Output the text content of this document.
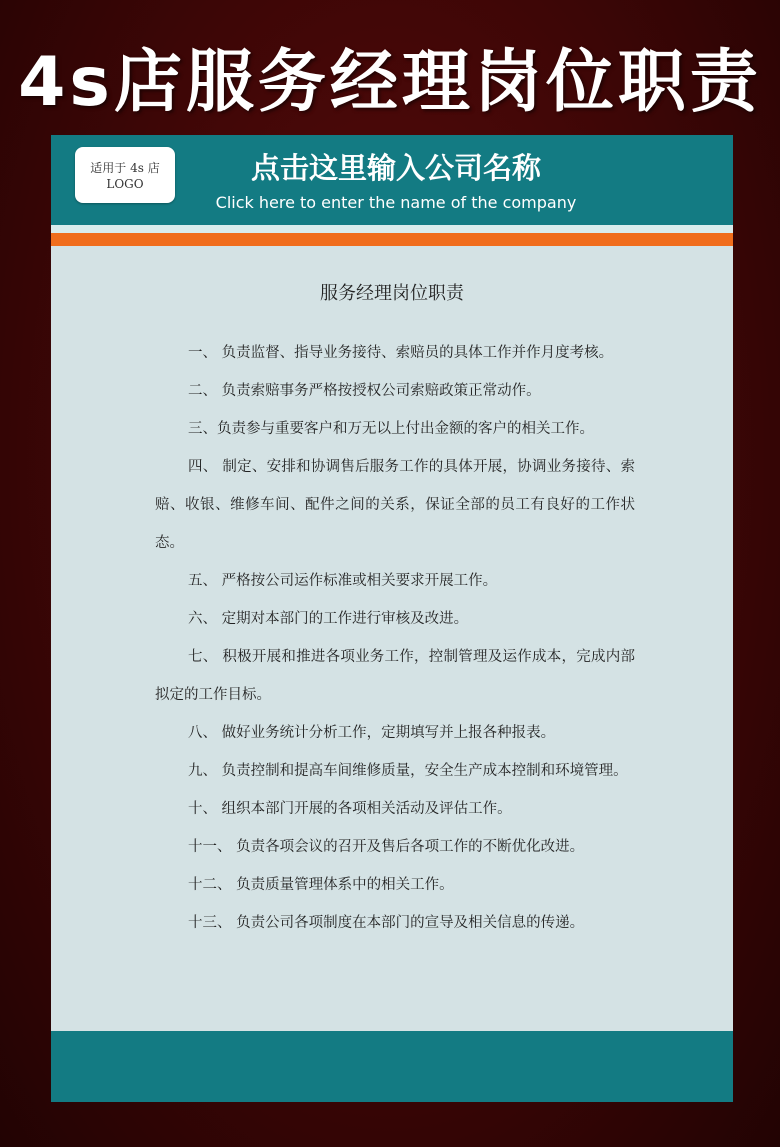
4s店服务经理岗位职责
适用于 4s 店
LOGO	点击这里输入公司名称
Click here to enter the name of the company
服务经理岗位职责
一、 负责监督、指导业务接待、索赔员的具体工作并作月度考核。
二、 负责索赔事务严格按授权公司索赔政策正常动作。
三、负责参与重要客户和万无以上付出金额的客户的相关工作。
四、 制定、安排和协调售后服务工作的具体开展，协调业务接待、索赔、收银、维修车间、配件之间的关系，保证全部的员工有良好的工作状态。
五、 严格按公司运作标准或相关要求开展工作。
六、 定期对本部门的工作进行审核及改进。
七、 积极开展和推进各项业务工作，控制管理及运作成本，完成内部拟定的工作目标。
八、 做好业务统计分析工作，定期填写并上报各种报表。
九、 负责控制和提高车间维修质量，安全生产成本控制和环境管理。
十、 组织本部门开展的各项相关活动及评估工作。
十一、 负责各项会议的召开及售后各项工作的不断优化改进。
十二、 负责质量管理体系中的相关工作。
十三、 负责公司各项制度在本部门的宣导及相关信息的传递。
